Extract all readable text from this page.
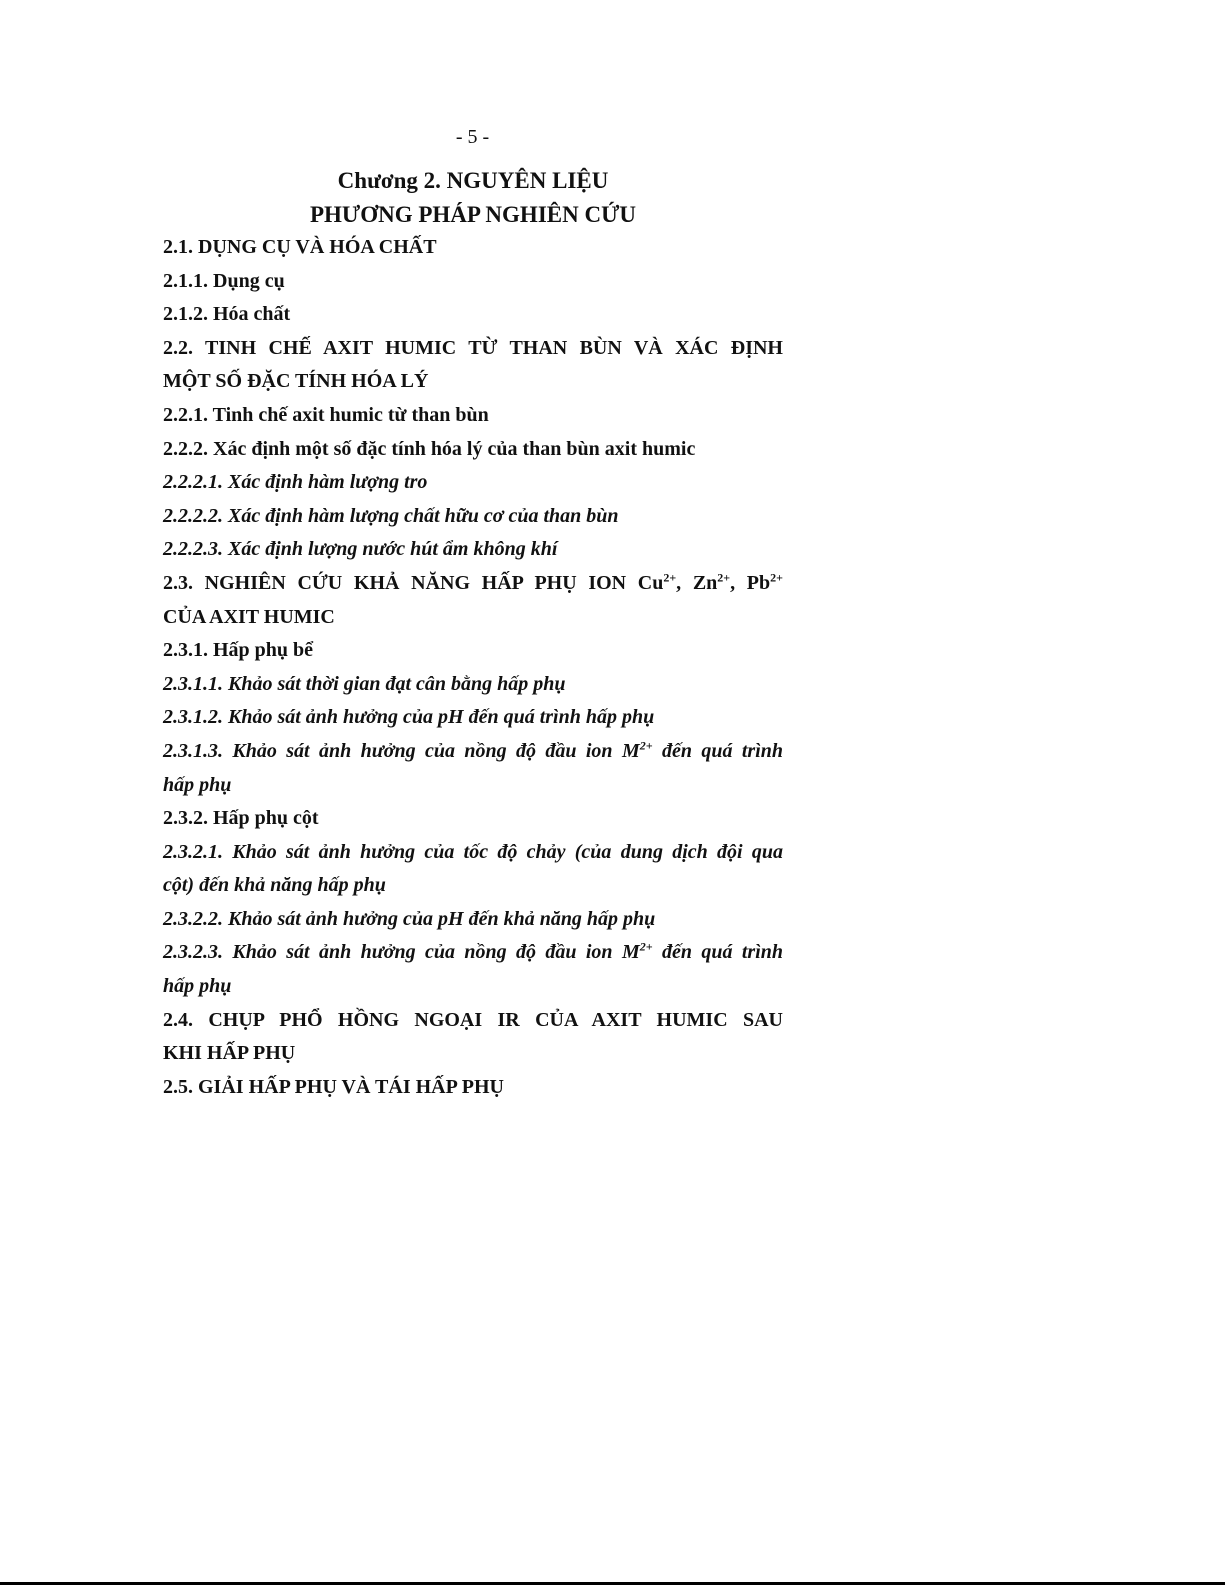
- 5 -
Chương 2. NGUYÊN LIỆU
PHƯƠNG PHÁP NGHIÊN CỨU

2.1. DỤNG CỤ VÀ HÓA CHẤT

2.1.1. Dụng cụ

2.1.2. Hóa chất

2.2. TINH CHẾ AXIT HUMIC TỪ THAN BÙN VÀ XÁC ĐỊNH

MỘT SỐ ĐẶC TÍNH HÓA LÝ

2.2.1. Tinh chế axit humic từ than bùn

2.2.2. Xác định một số đặc tính hóa lý của than bùn axit humic

2.2.2.1. Xác định hàm lượng tro

2.2.2.2. Xác định hàm lượng chất hữu cơ của than bùn

2.2.2.3. Xác định lượng nước hút ẩm không khí

2.3. NGHIÊN CỨU KHẢ NĂNG HẤP PHỤ ION $Cu^{2+}$, $Zn^{2+}$, $Pb^{2+}$

CỦA AXIT HUMIC

2.3.1. Hấp phụ bể

2.3.1.1. Khảo sát thời gian đạt cân bằng hấp phụ

2.3.1.2. Khảo sát ảnh hưởng của pH đến quá trình hấp phụ

2.3.1.3. Khảo sát ảnh hưởng của nồng độ đầu ion $M^{2+}$ đến quá trình

hấp phụ

2.3.2. Hấp phụ cột

2.3.2.1. Khảo sát ảnh hưởng của tốc độ chảy (của dung dịch đội qua

cột) đến khả năng hấp phụ

2.3.2.2. Khảo sát ảnh hưởng của pH đến khả năng hấp phụ

2.3.2.3. Khảo sát ảnh hưởng của nồng độ đầu ion $M^{2+}$ đến quá trình

hấp phụ

2.4. CHỤP PHỔ HỒNG NGOẠI IR CỦA AXIT HUMIC SAU

KHI HẤP PHỤ

2.5. GIẢI HẤP PHỤ VÀ TÁI HẤP PHỤ
